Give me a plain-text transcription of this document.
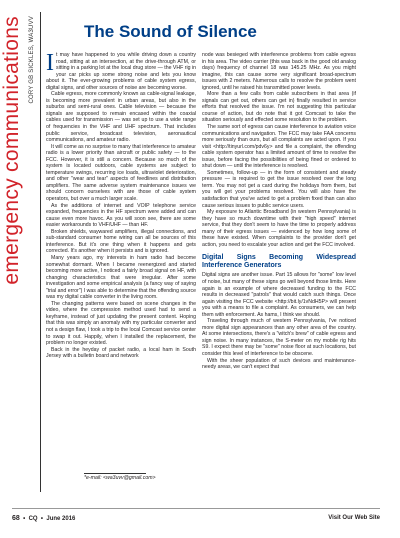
emergency communications	CORY GB SICKLES, WA3UVV	The Sound of Silence

It may have happened to you while driving down a country road, sitting at an intersection, at the drive-through ATM, or sitting in a parking lot at the local drug store — the VHF rig in your car picks up some strong noise and lets you know about it. The ever-growing problems of cable system egress, digital signs, and other sources of noise are becoming worse.

Cable egress, more commonly known as cable-signal leakage, is becoming more prevalent in urban areas, but also in the suburbs and semi-rural ones. Cable television — because the signals are supposed to remain encased within the coaxial cables used for transmission — was set up to use a wide range of frequencies in the VHF and UHF spectrum. That includes public service, broadcast television, aeronautical communications, and amateur radio.

It will come as no surprise to many that interference to amateur radio is a lower priority than aircraft or public safety — to the FCC. However, it is still a concern. Because so much of the system is located outdoors, cable systems are subject to temperature swings, recurring ice loads, ultraviolet deterioration, and other "wear and tear" aspects of feedlines and distribution amplifiers. The same adverse system maintenance issues we should concern ourselves with are those of cable system operators, but over a much larger scale.

As the additions of internet and VOIP telephone service expanded, frequencies in the HF spectrum were added and can cause even more havoc. As you will soon see, there are some easier workarounds to VHF/UHF — than HF.

Broken shields, waywared amplifiers, illegal connections, and sub-standard consumer home wiring can all be sources of this interference. But it's one thing when it happens and gets corrected. It's another when it persists and is ignored.

Many years ago, my interests in ham radio had become somewhat dormant. When I became reenergized and started becoming more active, I noticed a fairly broad signal on HF, with changing characteristics that were irregular. After some investigation and some empirical analysis (a fancy way of saying "trial and error") I was able to determine that the offending source was my digital cable converter in the living room.

The changing patterns were based on scene changes in the video, where the compression method used had to send a keyframe, instead of just updating the present content. Hoping that this was simply an anomaly with my particular converter and not a design flaw, I took a trip to the local Comcast service center to swap it out. Happily, when I installed the replacement, the problem no longer existed.

Back in the heyday of packet radio, a local ham in South Jersey with a bulletin board and network

node was besieged with interference problems from cable egress in his area. The video carrier (this was back in the good old analog days) frequency of channel 18 was 145.25 MHz. As you might imagine, this can cause some very significant broad-spectrum issues with 2 meters. Numerous calls to resolve the problem went ignored, until he raised his transmitted power levels.

More than a few calls from cable subscribers in that area (if signals can get out, others can get in) finally resulted in service efforts that resolved the issue. I'm not suggesting this particular course of action, but do note that it got Comcast to take the situation seriously and effected some resolution to the problem.

The same sort of egress can cause interference to aviation voice communications and navigation. The FCC may take FAA concerns more seriously than ours, but all complaints are acted upon. If you visit <http://tinyurl.com/pdv6y> and file a complaint, the offending cable system operator has a limited amount of time to resolve the issue, before facing the possibilities of being fined or ordered to shut down — until the interference is resolved.

Sometimes, follow-up — in the form of consistent and steady pressure — is required to get the issue resolved over the long term. You may not get a card during the holidays from them, but you will get your problems resolved. You will also have the satisfaction that you've acted to get a problem fixed than can also cause serious issues to public service users.

My exposure to Atlantic Broadband (in western Pennsylvania) is they have so much downtime with their "high speed" internet service, that they don't seem to have the time to properly address many of their egress issues — evidenced by how long some of these have existed. When complaints to the provider don't get action, you need to escalate your action and get the FCC involved.

Digital Signs Becoming Widespread Interference Generators

Digital signs are another issue. Part 15 allows for "some" low level of noise, but many of these signs go well beyond those limits. Here again is an example of where decreased funding to the FCC results in decreased "patrols" that would catch such things. Once again visiting the FCC website <http://bit.ly/1vNdH5P> will present you with a means to file a complaint. As consumers, we can help them with enforcement. As hams, I think we should.

Traveling through much of western Pennsylvania, I've noticed more digital sign appearances than any other area of the country. At some intersections, there's a "witch's brew" of cable egress and sign noise. In many instances, the S-meter on my mobile rig hits S9. I expect there may be "some" noise floor at such locations, but consider this level of interference to be obscene.

With the sheer population of such devices and maintenance-needy areas, we can't expect that

*e-mail: <wa3uvv@gmail.com>
68  •  CQ  •  June 2016	Visit Our Web Site
